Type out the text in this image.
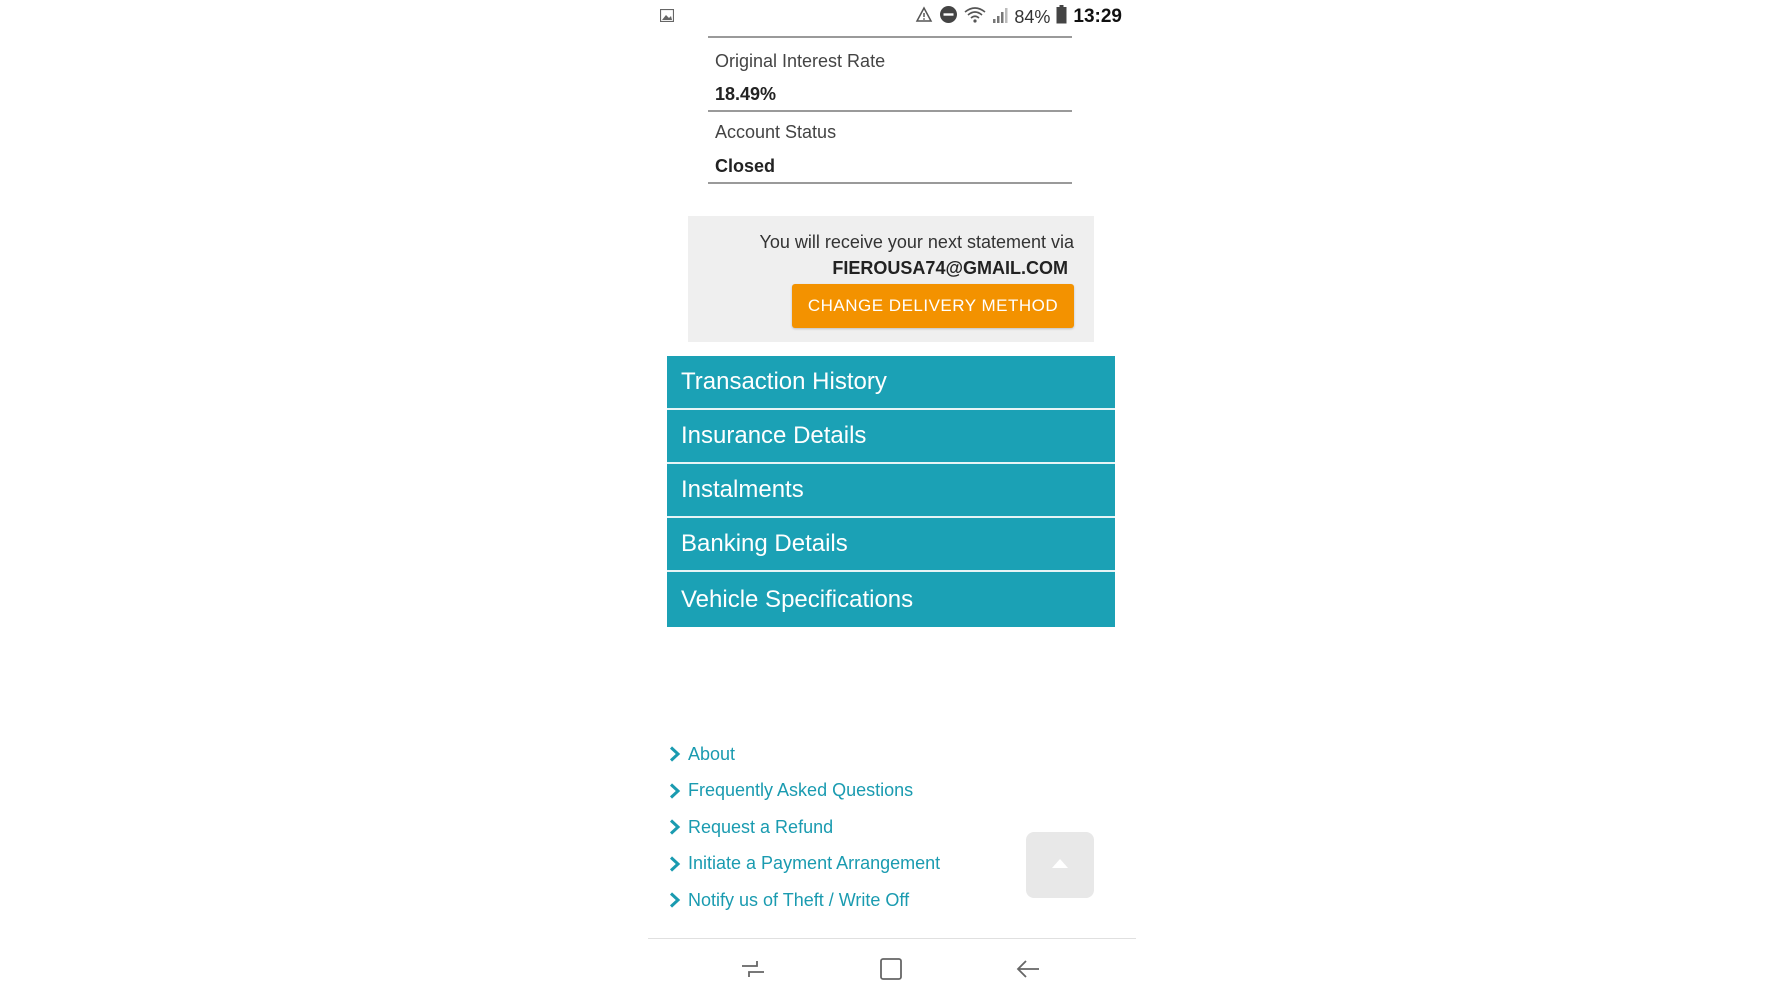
84% 13:29
Original Interest Rate
18.49%
Account Status
Closed
You will receive your next statement via
FIEROUSA74@GMAIL.COM
CHANGE DELIVERY METHOD
Transaction History
Insurance Details
Instalments
Banking Details
Vehicle Specifications
About
Frequently Asked Questions
Request a Refund
Initiate a Payment Arrangement
Notify us of Theft / Write Off
